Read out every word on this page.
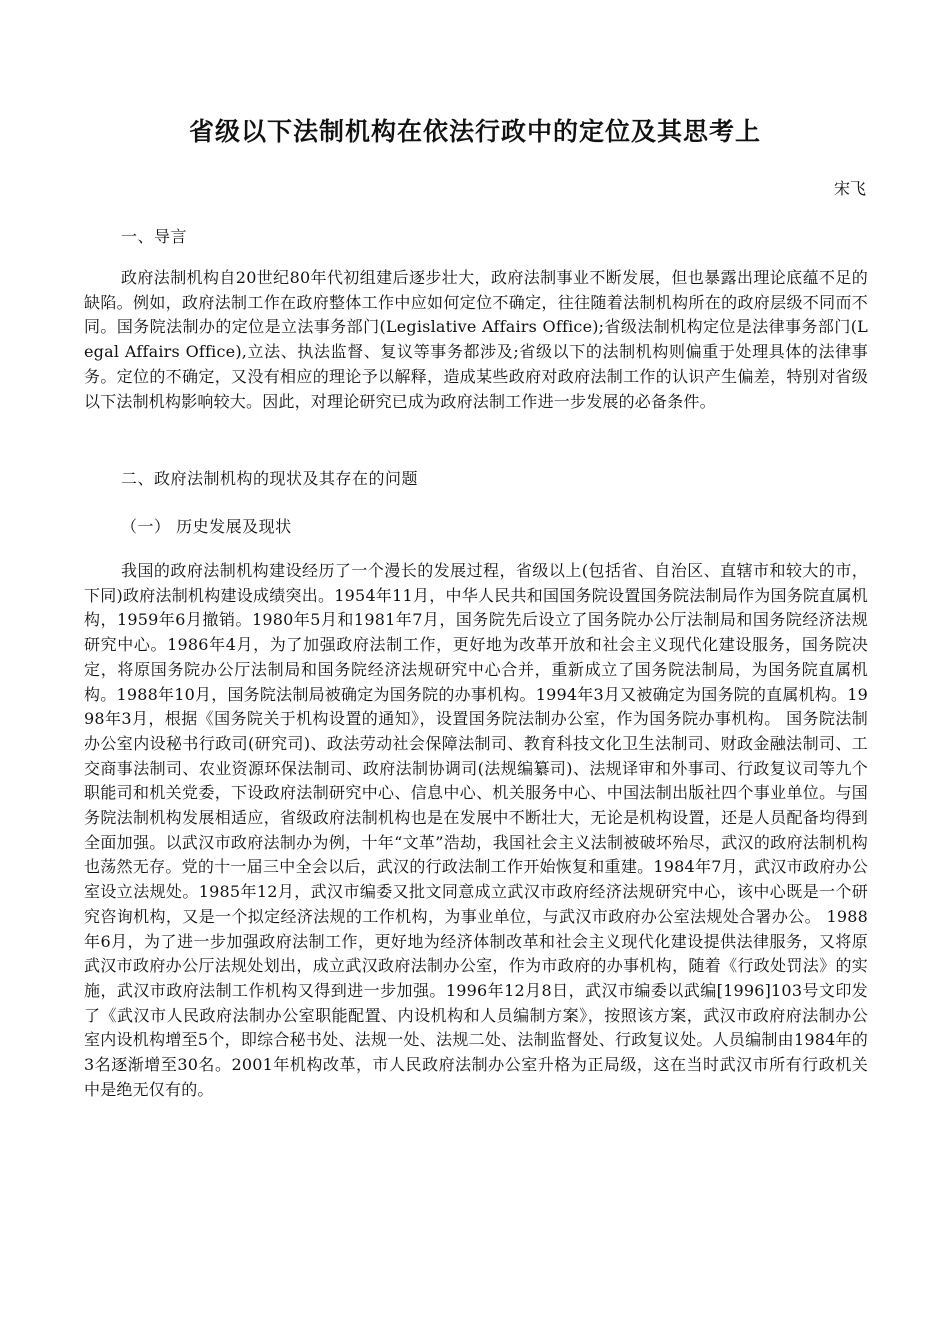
省级以下法制机构在依法行政中的定位及其思考上
宋飞
一、导言
政府法制机构自20世纪80年代初组建后逐步壮大，政府法制事业不断发展，但也暴露出理论底蕴不足的缺陷。例如，政府法制工作在政府整体工作中应如何定位不确定，往往随着法制机构所在的政府层级不同而不同。国务院法制办的定位是立法事务部门(Legislative Affairs Office);省级法制机构定位是法律事务部门(Legal Affairs Office),立法、执法监督、复议等事务都涉及;省级以下的法制机构则偏重于处理具体的法律事务。定位的不确定，又没有相应的理论予以解释，造成某些政府对政府法制工作的认识产生偏差，特别对省级以下法制机构影响较大。因此，对理论研究已成为政府法制工作进一步发展的必备条件。
二、政府法制机构的现状及其存在的问题
（一） 历史发展及现状
我国的政府法制机构建设经历了一个漫长的发展过程，省级以上(包括省、自治区、直辖市和较大的市，下同)政府法制机构建设成绩突出。1954年11月，中华人民共和国国务院设置国务院法制局作为国务院直属机构，1959年6月撤销。1980年5月和1981年7月，国务院先后设立了国务院办公厅法制局和国务院经济法规研究中心。1986年4月，为了加强政府法制工作，更好地为改革开放和社会主义现代化建设服务，国务院决定，将原国务院办公厅法制局和国务院经济法规研究中心合并，重新成立了国务院法制局，为国务院直属机构。1988年10月，国务院法制局被确定为国务院的办事机构。1994年3月又被确定为国务院的直属机构。1998年3月，根据《国务院关于机构设置的通知》，设置国务院法制办公室，作为国务院办事机构。 国务院法制办公室内设秘书行政司(研究司)、政法劳动社会保障法制司、教育科技文化卫生法制司、财政金融法制司、工交商事法制司、农业资源环保法制司、政府法制协调司(法规编纂司)、法规译审和外事司、行政复议司等九个职能司和机关党委，下设政府法制研究中心、信息中心、机关服务中心、中国法制出版社四个事业单位。与国务院法制机构发展相适应，省级政府法制机构也是在发展中不断壮大，无论是机构设置，还是人员配备均得到全面加强。以武汉市政府法制办为例，十年“文革”浩劫，我国社会主义法制被破坏殆尽，武汉的政府法制机构也荡然无存。党的十一届三中全会以后，武汉的行政法制工作开始恢复和重建。1984年7月，武汉市政府办公室设立法规处。1985年12月，武汉市编委又批文同意成立武汉市政府经济法规研究中心，该中心既是一个研究咨询机构，又是一个拟定经济法规的工作机构，为事业单位，与武汉市政府办公室法规处合署办公。 1988年6月，为了进一步加强政府法制工作，更好地为经济体制改革和社会主义现代化建设提供法律服务，又将原武汉市政府办公厅法规处划出，成立武汉政府法制办公室，作为市政府的办事机构，随着《行政处罚法》的实施，武汉市政府法制工作机构又得到进一步加强。1996年12月8日，武汉市编委以武编[1996]103号文印发了《武汉市人民政府法制办公室职能配置、内设机构和人员编制方案》，按照该方案，武汉市政府府法制办公室内设机构增至5个，即综合秘书处、法规一处、法规二处、法制监督处、行政复议处。人员编制由1984年的3名逐渐增至30名。2001年机构改革，市人民政府法制办公室升格为正局级，这在当时武汉市所有行政机关中是绝无仅有的。
